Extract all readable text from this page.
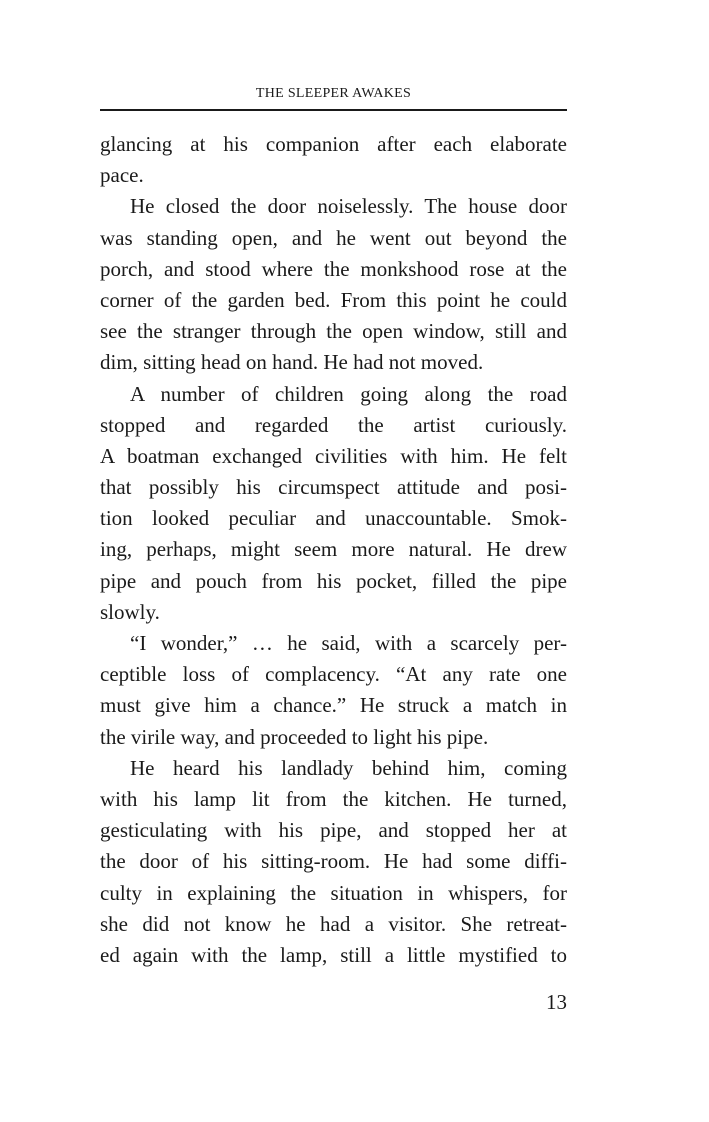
THE SLEEPER AWAKES
glancing at his companion after each elaborate
pace.
He closed the door noiselessly. The house door
was standing open, and he went out beyond the
porch, and stood where the monkshood rose at the
corner of the garden bed. From this point he could
see the stranger through the open window, still and
dim, sitting head on hand. He had not moved.
A number of children going along the road
stopped and regarded the artist curiously.
A boatman exchanged civilities with him. He felt
that possibly his circumspect attitude and posi-
tion looked peculiar and unaccountable. Smok-
ing, perhaps, might seem more natural. He drew
pipe and pouch from his pocket, filled the pipe
slowly.
“I wonder,” … he said, with a scarcely per-
ceptible loss of complacency. “At any rate one
must give him a chance.” He struck a match in
the virile way, and proceeded to light his pipe.
He heard his landlady behind him, coming
with his lamp lit from the kitchen. He turned,
gesticulating with his pipe, and stopped her at
the door of his sitting-room. He had some diffi-
culty in explaining the situation in whispers, for
she did not know he had a visitor. She retreat-
ed again with the lamp, still a little mystified to
13
